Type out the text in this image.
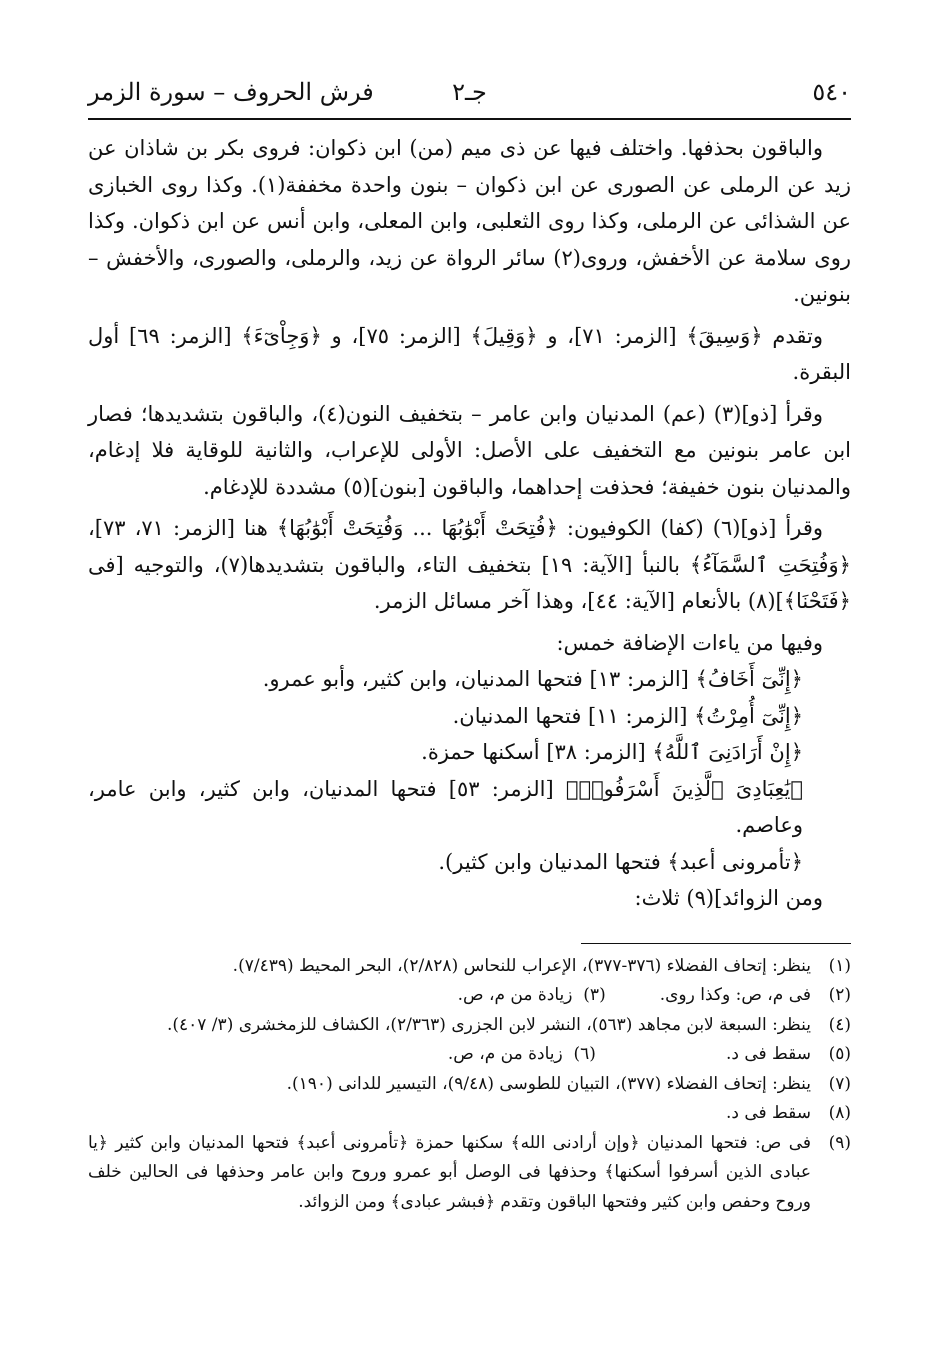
٥٤٠
جـ٢
فرش الحروف – سورة الزمر

والباقون بحذفها. واختلف فيها عن ذى ميم (من) ابن ذكوان: فروى بكر بن شاذان عن زيد عن الرملى عن الصورى عن ابن ذكوان – بنون واحدة مخففة(١). وكذا روى الخبازى عن الشذائى عن الرملى، وكذا روى الثعلبى، وابن المعلى، وابن أنس عن ابن ذكوان. وكذا روى سلامة عن الأخفش، وروى(٢) سائر الرواة عن زيد، والرملى، والصورى، والأخفش – بنونين.

وتقدم ﴿وَسِيقَ﴾ [الزمر: ٧١]، و ﴿وَقِيلَ﴾ [الزمر: ٧٥]، و ﴿وَجِاْىٓءَ﴾ [الزمر: ٦٩] أول البقرة.

وقرأ [ذو](٣) (عم) المدنيان وابن عامر – بتخفيف النون(٤)، والباقون بتشديدها؛ فصار ابن عامر بنونين مع التخفيف على الأصل: الأولى للإعراب، والثانية للوقاية فلا إدغام، والمدنيان بنون خفيفة؛ فحذفت إحداهما، والباقون [بنون](٥) مشددة للإدغام.

وقرأ [ذو](٦) (كفا) الكوفيون: ﴿فُتِحَتْ أَبْوَٰبُهَا ... وَفُتِحَتْ أَبْوَٰبُهَا﴾ هنا [الزمر: ٧١، ٧٣]، ﴿وَفُتِحَتِ ٱلسَّمَآءُ﴾ بالنبأ [الآية: ١٩] بتخفيف التاء، والباقون بتشديدها(٧)، والتوجيه [فى ﴿فَتَحْنَا﴾](٨) بالأنعام [الآية: ٤٤]، وهذا آخر مسائل الزمر.

وفيها من ياءات الإضافة خمس:

﴿إِنِّىٓ أَخَافُ﴾ [الزمر: ١٣] فتحها المدنيان، وابن كثير، وأبو عمرو.

﴿إِنِّىٓ أُمِرْتُ﴾ [الزمر: ١١] فتحها المدنيان.

﴿إِنْ أَرَادَنِىَ ٱللَّهُ﴾ [الزمر: ٣٨] أسكنها حمزة.

﴿يَٰعِبَادِىَ ٱلَّذِينَ أَسْرَفُوا۟﴾ [الزمر: ٥٣] فتحها المدنيان، وابن كثير، وابن عامر، وعاصم.

﴿تأمرونى أعبد﴾ فتحها المدنيان وابن كثير).

ومن الزوائد](٩) ثلاث:

(١)
ينظر: إتحاف الفضلاء (٣٧٦-٣٧٧)، الإعراب للنحاس (٢/٨٢٨)، البحر المحيط (٧/٤٣٩).
(٢)
فى م، ص: وكذا روى.(٣)  زيادة من م، ص.
(٤)
ينظر: السبعة لابن مجاهد (٥٦٣)، النشر لابن الجزرى (٢/٣٦٣)، الكشاف للزمخشرى (٣/ ٤٠٧).
(٥)
سقط فى د.(٦)  زيادة من م، ص.
(٧)
ينظر: إتحاف الفضلاء (٣٧٧)، التبيان للطوسى (٩/٤٨)، التيسير للدانى (١٩٠).
(٨)
سقط فى د.
(٩)
فى ص: فتحها المدنيان ﴿وإن أرادنى الله﴾ سكنها حمزة ﴿تأمرونى أعبد﴾ فتحها المدنيان وابن كثير ﴿يا عبادى الذين أسرفوا أسكنها﴾ وحذفها فى الوصل أبو عمرو وروح وابن عامر وحذفها فى الحالين خلف وروح وحفص وابن كثير وفتحها الباقون وتقدم ﴿فبشر عبادى﴾ ومن الزوائد.
